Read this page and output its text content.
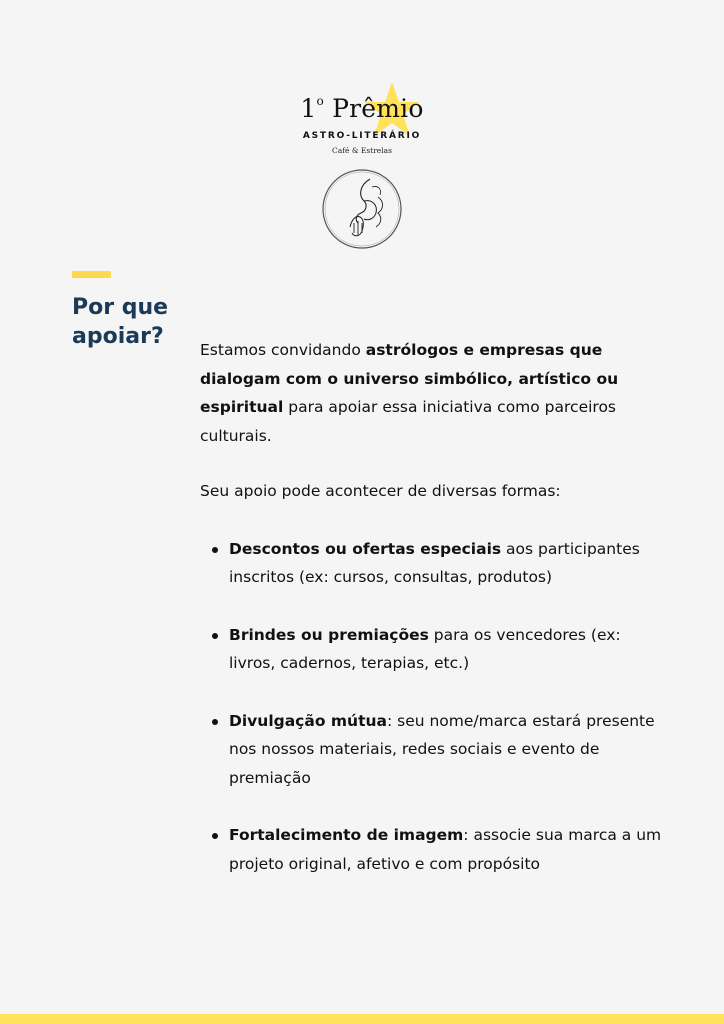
1$^o$ Prêmio
ASTRO-LITERÁRIO
Café & Estrelas
Por que apoiar?

Estamos convidando astrólogos e empresas que dialogam com o universo simbólico, artístico ou espiritual para apoiar essa iniciativa como parceiros culturais.

Seu apoio pode acontecer de diversas formas:

Descontos ou ofertas especiais aos participantes inscritos (ex: cursos, consultas, produtos)
Brindes ou premiações para os vencedores (ex: livros, cadernos, terapias, etc.)
Divulgação mútua: seu nome/marca estará presente nos nossos materiais, redes sociais e evento de premiação
Fortalecimento de imagem: associe sua marca a um projeto original, afetivo e com propósito
